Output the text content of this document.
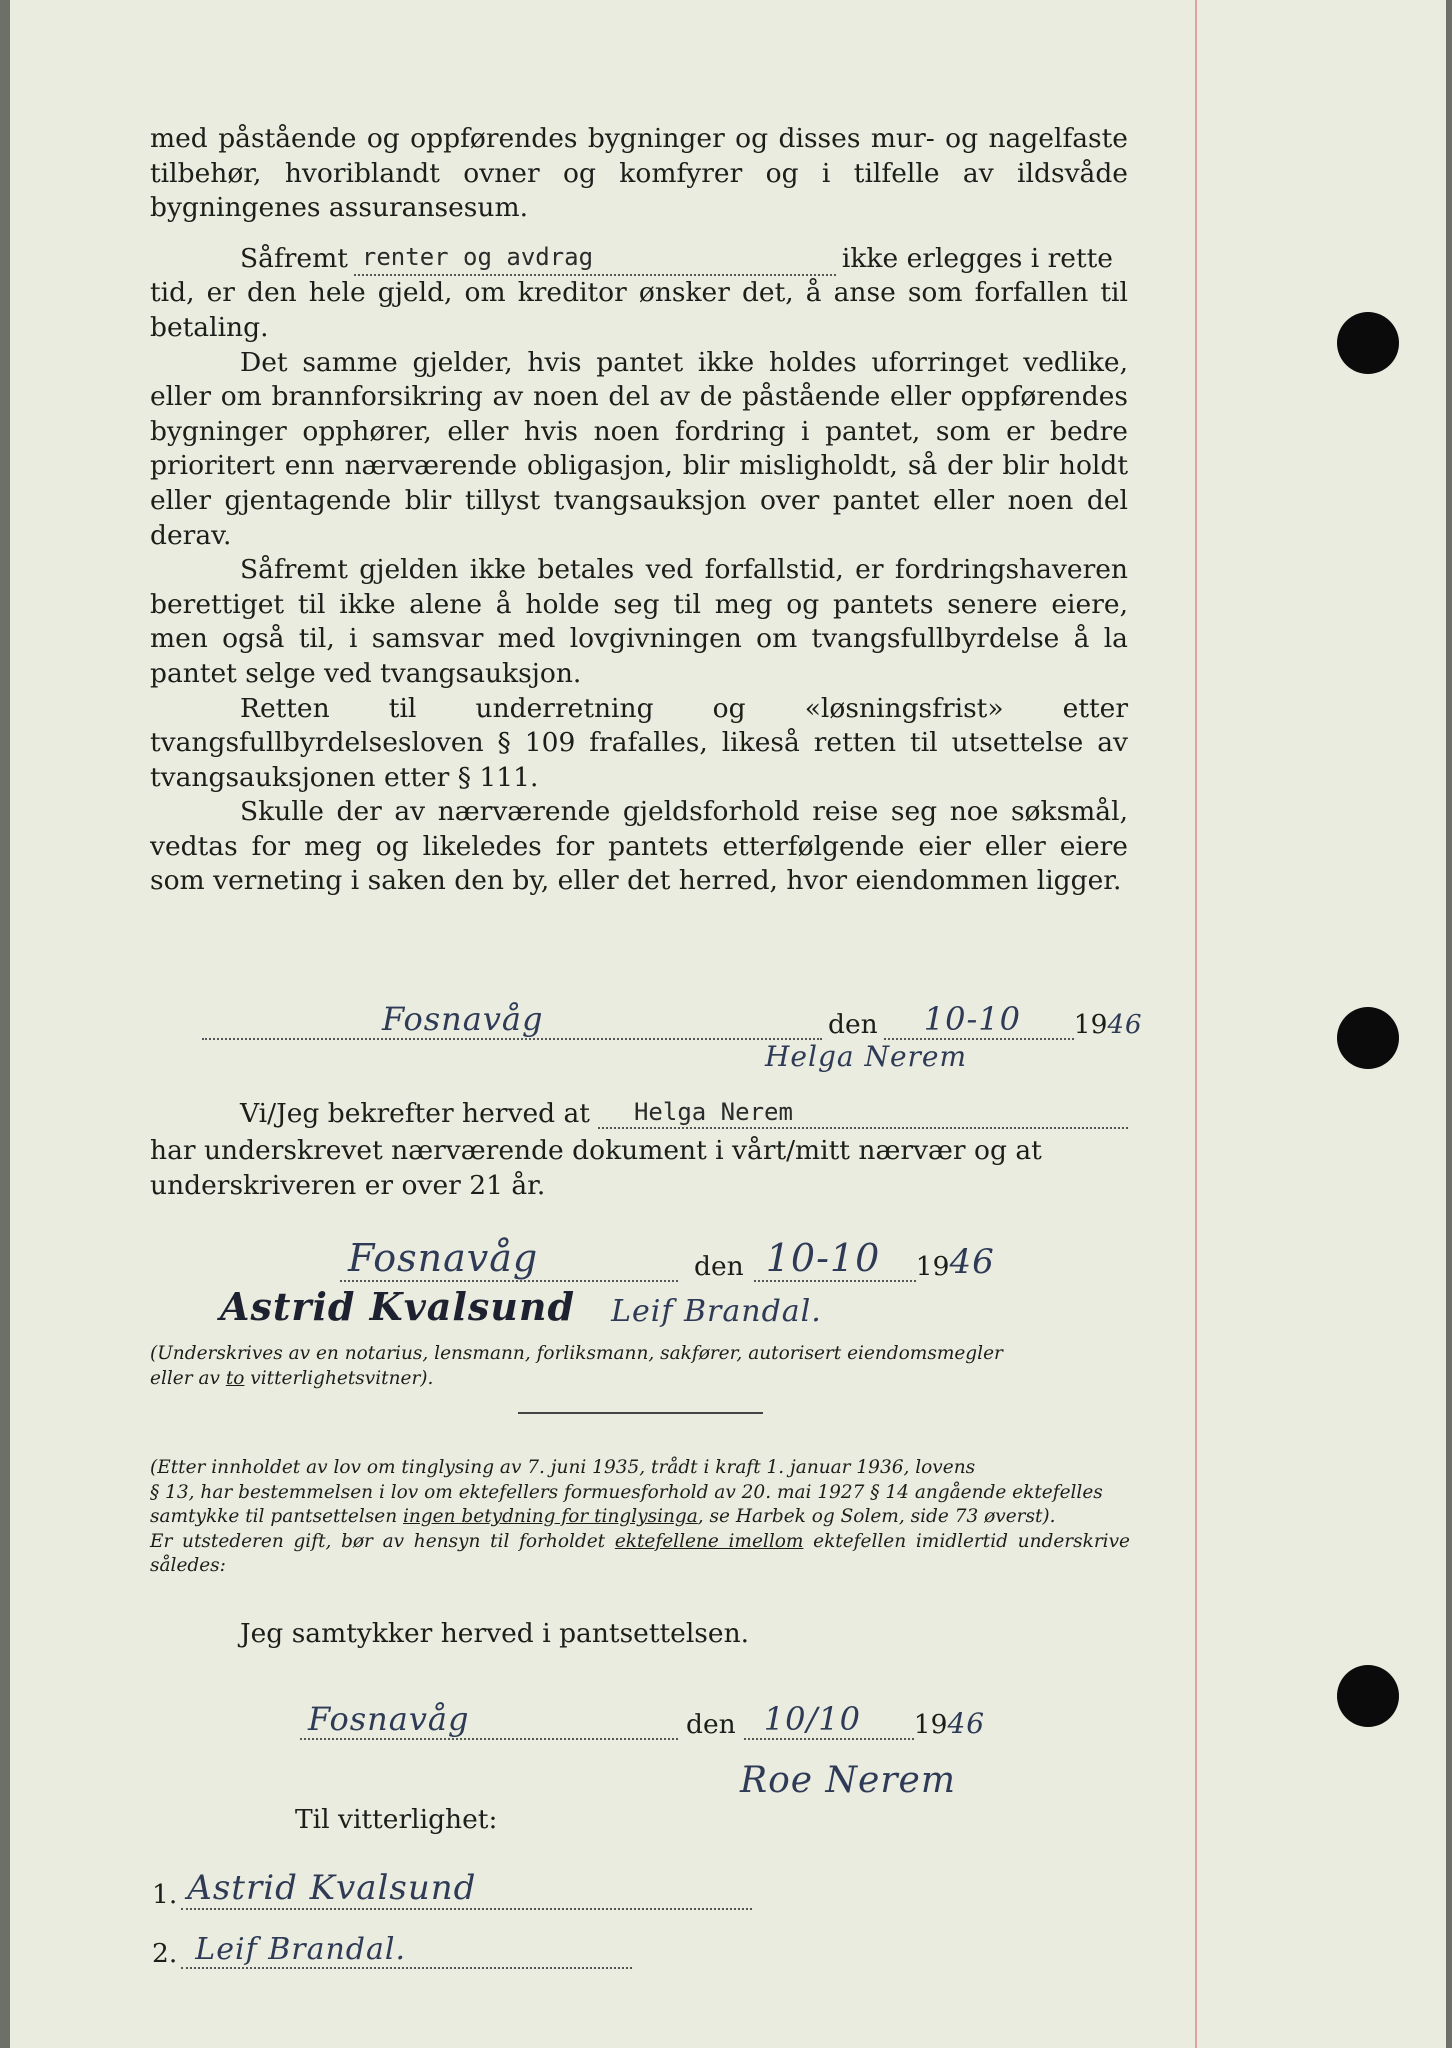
med påstående og oppførendes bygninger og disses mur- og nagelfaste tilbehør, hvoriblandt ovner og komfyrer og i tilfelle av ildsvåde bygningenes assuransesum.

Såfremt renter og avdrag	ikke erlegges i rette

tid, er den hele gjeld, om kreditor ønsker det, å anse som forfallen til betaling.

Det samme gjelder, hvis pantet ikke holdes uforringet vedlike, eller om brannforsikring av noen del av de påstående eller oppførendes bygninger opphører, eller hvis noen fordring i pantet, som er bedre prioritert enn nærværende obligasjon, blir misligholdt, så der blir holdt eller gjentagende blir tillyst tvangsauksjon over pantet eller noen del derav.

Såfremt gjelden ikke betales ved forfallstid, er fordringshaveren berettiget til ikke alene å holde seg til meg og pantets senere eiere, men også til, i samsvar med lovgivningen om tvangsfullbyrdelse å la pantet selge ved tvangsauksjon.

Retten til underretning og «løsningsfrist» etter tvangsfullbyrdelsesloven § 109 frafalles, likeså retten til utsettelse av tvangsauksjonen etter § 111.

Skulle der av nærværende gjeldsforhold reise seg noe søksmål, vedtas for meg og likeledes for pantets etterfølgende eier eller eiere som verneting i saken den by, eller det herred, hvor eiendommen ligger.

Fosnavåg	den	10-10	19 46
Helga Nerem
Vi/Jeg bekrefter herved at	Helga Nerem
har underskrevet nærværende dokument i vårt/mitt nærvær og at
underskriveren er over 21 år.
Fosnavåg	den 10-10	19 46
Astrid Kvalsund Leif Brandal.
(Underskrives av en notarius, lensmann, forliksmann, sakfører, autorisert eiendomsmegler
eller av to vitterlighetsvitner).
(Etter innholdet av lov om tinglysing av 7. juni 1935, trådt i kraft 1. januar 1936, lovens
§ 13, har bestemmelsen i lov om ektefellers formuesforhold av 20. mai 1927 § 14 angående ektefelles
samtykke til pantsettelsen ingen betydning for tinglysinga, se Harbek og Solem, side 73 øverst).
Er utstederen gift, bør av hensyn til forholdet ektefellene imellom ektefellen imidlertid underskrive således:
Jeg samtykker herved i pantsettelsen.
Fosnavåg	den 10/10	19 46
Roe Nerem
Til vitterlighet:
1. Astrid Kvalsund
2. Leif Brandal.
